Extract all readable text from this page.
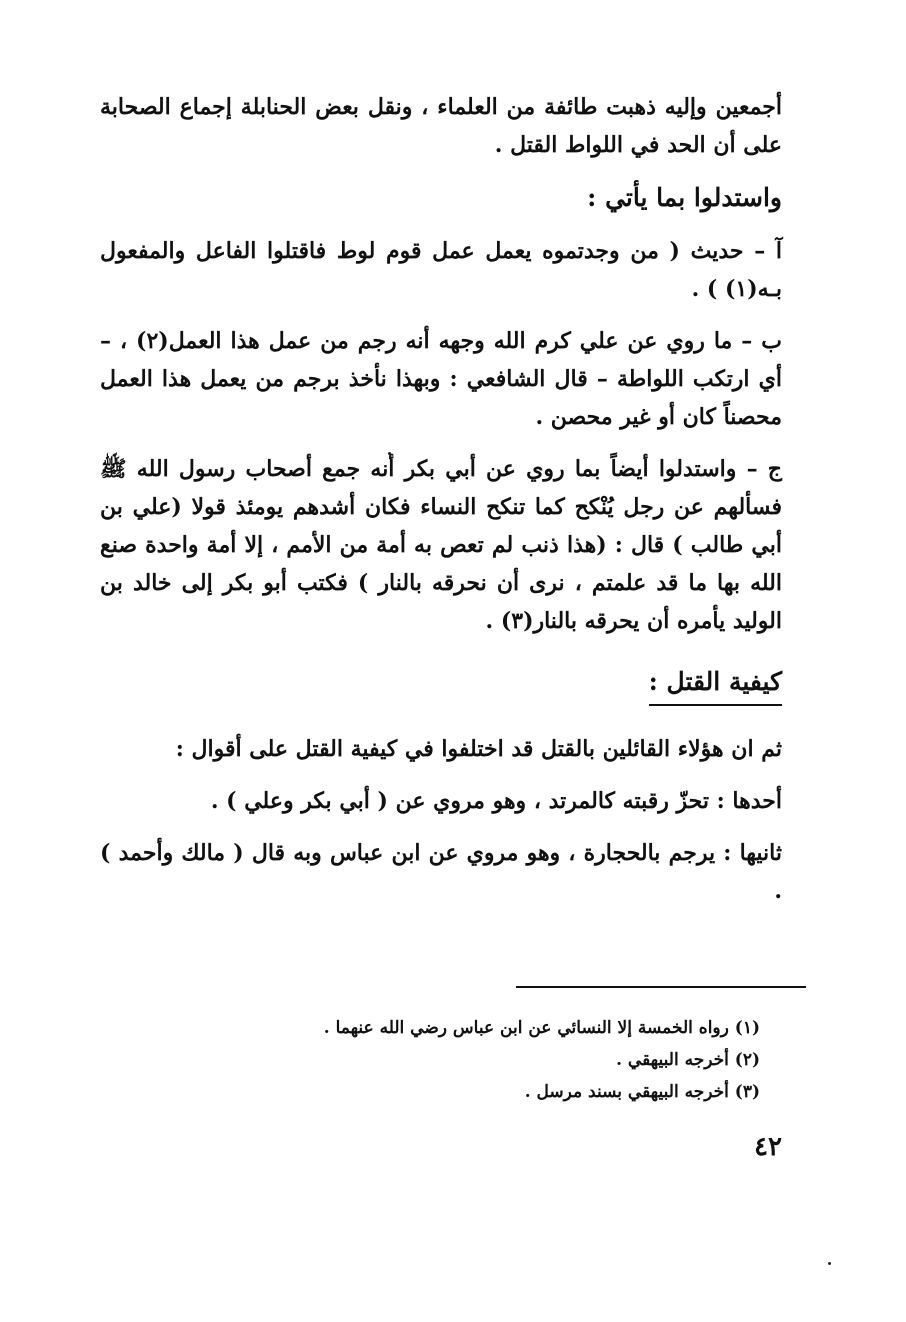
أجمعين وإليه ذهبت طائفة من العلماء ، ونقل بعض الحنابلة إجماع الصحابة على أن الحد في اللواط القتل .

واستدلوا بما يأتي :

آ – حديث ( من وجدتموه يعمل عمل قوم لوط فاقتلوا الفاعل والمفعول بـه(١) ) .

ب – ما روي عن علي كرم الله وجهه أنه رجم من عمل هذا العمل(٢) ، – أي ارتكب اللواطة – قال الشافعي : وبهذا نأخذ برجم من يعمل هذا العمل محصناً كان أو غير محصن .

ج – واستدلوا أيضاً بما روي عن أبي بكر أنه جمع أصحاب رسول الله ﷺ فسألهم عن رجل يُنْكح كما تنكح النساء فكان أشدهم يومئذ قولا (علي بن أبي طالب ) قال : (هذا ذنب لم تعص به أمة من الأمم ، إلا أمة واحدة صنع الله بها ما قد علمتم ، نرى أن نحرقه بالنار ) فكتب أبو بكر إلى خالد بن الوليد يأمره أن يحرقه بالنار(٣) .

كيفية القتل :

ثم ان هؤلاء القائلين بالقتل قد اختلفوا في كيفية القتل على أقوال :

أحدها : تحزّ رقبته كالمرتد ، وهو مروي عن ( أبي بكر وعلي ) .

ثانيها : يرجم بالحجارة ، وهو مروي عن ابن عباس وبه قال ( مالك وأحمد ) .

(١) رواه الخمسة إلا النسائي عن ابن عباس رضي الله عنهما .

(٢) أخرجه البيهقي .

(٣) أخرجه البيهقي بسند مرسل .

٤٢
